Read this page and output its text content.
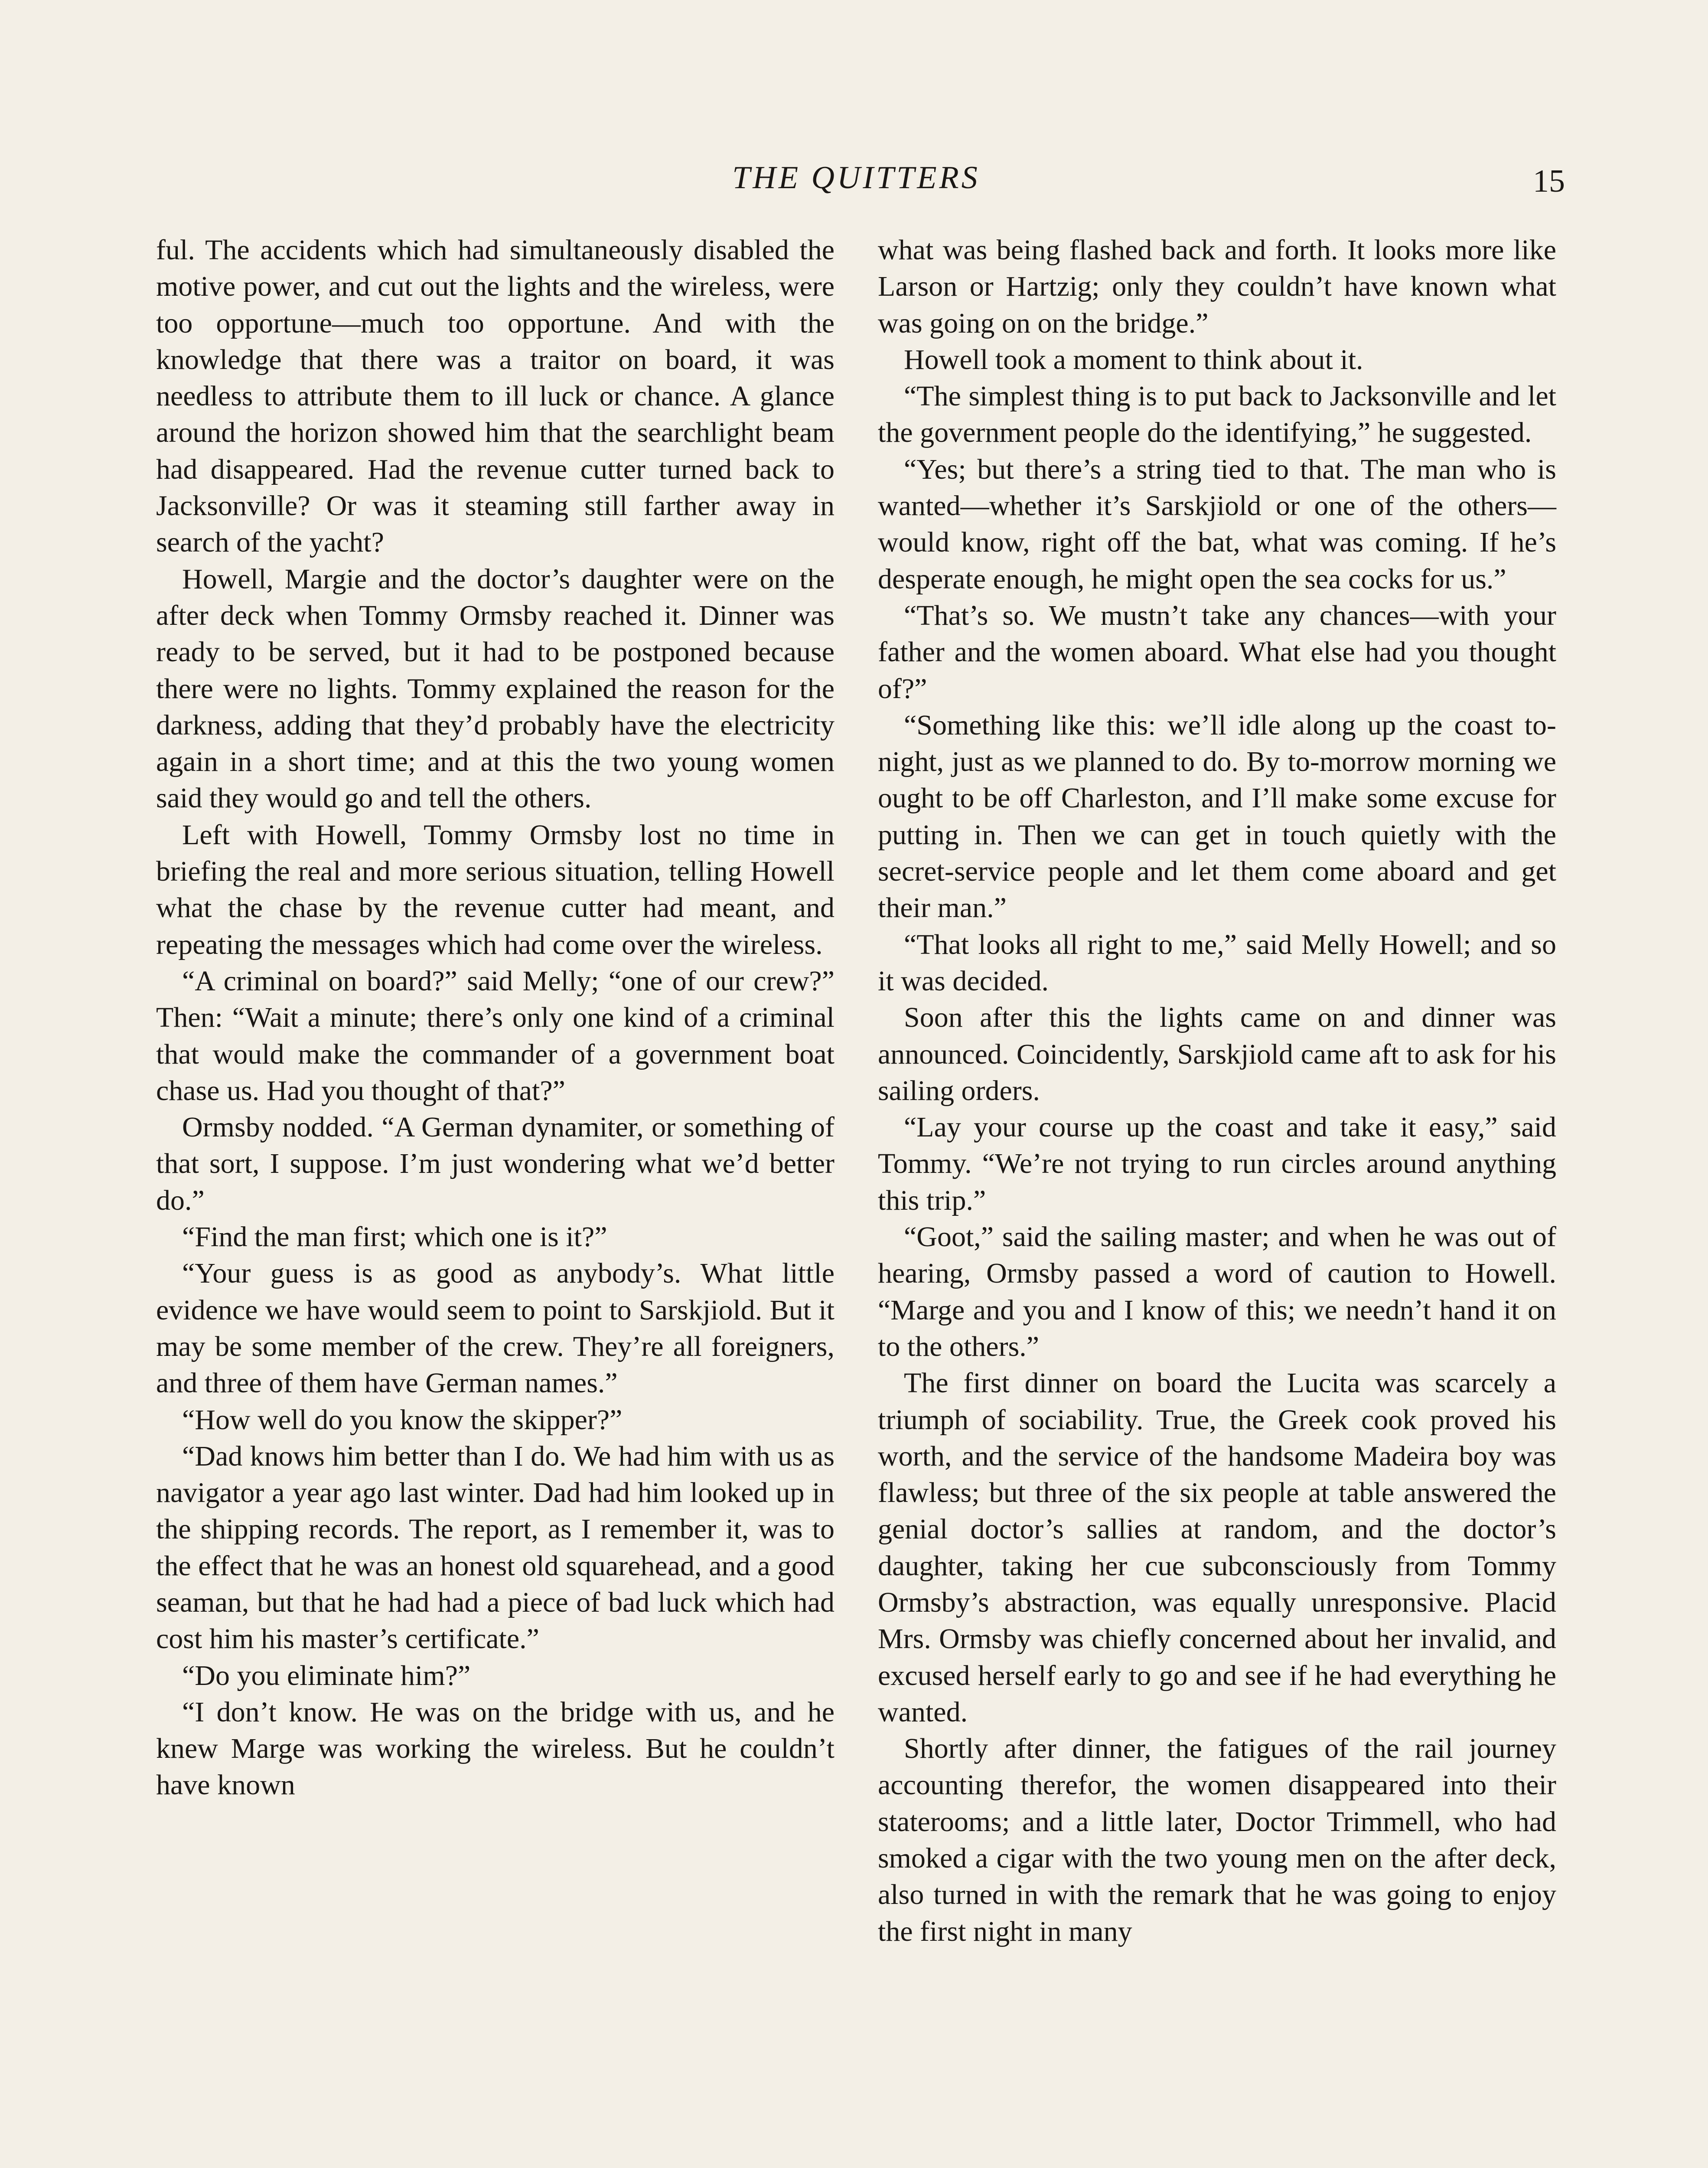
THE QUITTERS	15

ful. The accidents which had simultaneously disabled the motive power, and cut out the lights and the wireless, were too opportune—much too opportune. And with the knowledge that there was a traitor on board, it was needless to attribute them to ill luck or chance. A glance around the horizon showed him that the searchlight beam had disappeared. Had the revenue cutter turned back to Jacksonville? Or was it steaming still farther away in search of the yacht?

Howell, Margie and the doctor’s daughter were on the after deck when Tommy Ormsby reached it. Dinner was ready to be served, but it had to be postponed because there were no lights. Tommy explained the reason for the darkness, adding that they’d probably have the electricity again in a short time; and at this the two young women said they would go and tell the others.

Left with Howell, Tommy Ormsby lost no time in briefing the real and more serious situation, telling Howell what the chase by the revenue cutter had meant, and repeating the messages which had come over the wireless.

“A criminal on board?” said Melly; “one of our crew?” Then: “Wait a minute; there’s only one kind of a criminal that would make the commander of a government boat chase us. Had you thought of that?”

Ormsby nodded. “A German dynamiter, or something of that sort, I suppose. I’m just wondering what we’d better do.”

“Find the man first; which one is it?”

“Your guess is as good as anybody’s. What little evidence we have would seem to point to Sarskjiold. But it may be some member of the crew. They’re all foreigners, and three of them have German names.”

“How well do you know the skipper?”

“Dad knows him better than I do. We had him with us as navigator a year ago last winter. Dad had him looked up in the shipping records. The report, as I remember it, was to the effect that he was an honest old squarehead, and a good seaman, but that he had had a piece of bad luck which had cost him his master’s certificate.”

“Do you eliminate him?”

“I don’t know. He was on the bridge with us, and he knew Marge was working the wireless. But he couldn’t have known

what was being flashed back and forth. It looks more like Larson or Hartzig; only they couldn’t have known what was going on on the bridge.”

Howell took a moment to think about it.

“The simplest thing is to put back to Jacksonville and let the government people do the identifying,” he suggested.

“Yes; but there’s a string tied to that. The man who is wanted—whether it’s Sarskjiold or one of the others—would know, right off the bat, what was coming. If he’s desperate enough, he might open the sea cocks for us.”

“That’s so. We mustn’t take any chances—with your father and the women aboard. What else had you thought of?”

“Something like this: we’ll idle along up the coast to-night, just as we planned to do. By to-morrow morning we ought to be off Charleston, and I’ll make some excuse for putting in. Then we can get in touch quietly with the secret-service people and let them come aboard and get their man.”

“That looks all right to me,” said Melly Howell; and so it was decided.

Soon after this the lights came on and dinner was announced. Coincidently, Sarskjiold came aft to ask for his sailing orders.

“Lay your course up the coast and take it easy,” said Tommy. “We’re not trying to run circles around anything this trip.”

“Goot,” said the sailing master; and when he was out of hearing, Ormsby passed a word of caution to Howell. “Marge and you and I know of this; we needn’t hand it on to the others.”

The first dinner on board the Lucita was scarcely a triumph of sociability. True, the Greek cook proved his worth, and the service of the handsome Madeira boy was flawless; but three of the six people at table answered the genial doctor’s sallies at random, and the doctor’s daughter, taking her cue subconsciously from Tommy Ormsby’s abstraction, was equally unresponsive. Placid Mrs. Ormsby was chiefly concerned about her invalid, and excused herself early to go and see if he had everything he wanted.

Shortly after dinner, the fatigues of the rail journey accounting therefor, the women disappeared into their staterooms; and a little later, Doctor Trimmell, who had smoked a cigar with the two young men on the after deck, also turned in with the remark that he was going to enjoy the first night in many
